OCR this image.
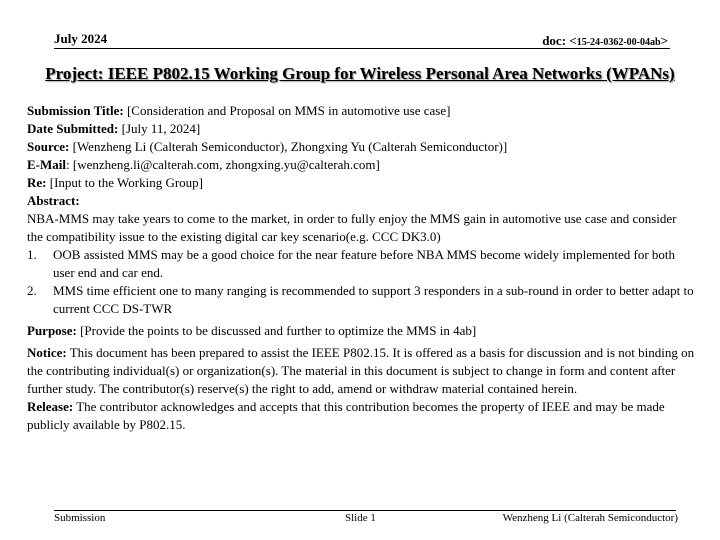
July 2024	doc: <15-24-0362-00-04ab>
Project: IEEE P802.15 Working Group for Wireless Personal Area Networks (WPANs)

Submission Title: [Consideration and Proposal on MMS in automotive use case]

Date Submitted: [July 11, 2024]

Source: [Wenzheng Li (Calterah Semiconductor), Zhongxing Yu (Calterah Semiconductor)]

E-Mail: [wenzheng.li@calterah.com, zhongxing.yu@calterah.com]

Re: [Input to the Working Group]

Abstract:

NBA-MMS may take years to come to the market, in order to fully enjoy the MMS gain in automotive use case and consider the compatibility issue to the existing digital car key scenario(e.g. CCC DK3.0)

1. OOB assisted MMS may be a good choice for the near feature before NBA MMS become widely implemented for both user end and car end.
2. MMS time efficient one to many ranging is recommended to support 3 responders in a sub-round in order to better adapt to current CCC DS-TWR

Purpose: [Provide the points to be discussed and further to optimize the MMS in 4ab]

Notice: This document has been prepared to assist the IEEE P802.15. It is offered as a basis for discussion and is not binding on the contributing individual(s) or organization(s). The material in this document is subject to change in form and content after further study. The contributor(s) reserve(s) the right to add, amend or withdraw material contained herein.

Release: The contributor acknowledges and accepts that this contribution becomes the property of IEEE and may be made publicly available by P802.15.

Submission	Slide 1	Wenzheng Li (Calterah Semiconductor)
